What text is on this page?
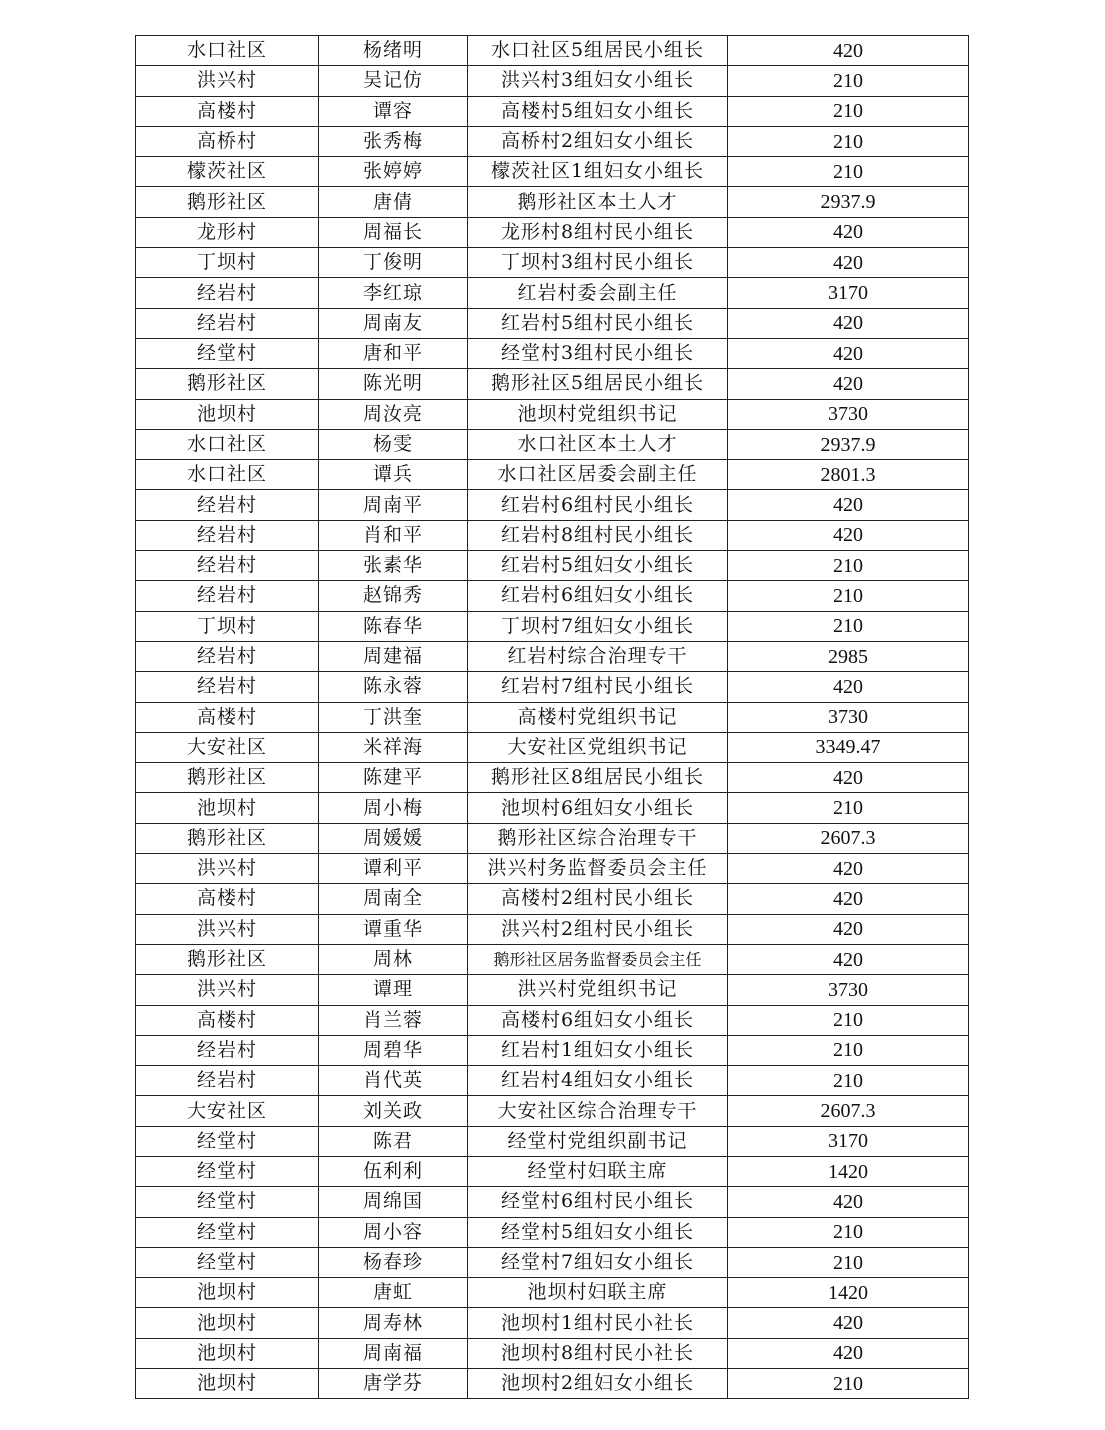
水口社区	杨绪明	水口社区5组居民小组长	420
洪兴村	吴记仿	洪兴村3组妇女小组长	210
高楼村	谭容	高楼村5组妇女小组长	210
高桥村	张秀梅	高桥村2组妇女小组长	210
檬茨社区	张婷婷	檬茨社区1组妇女小组长	210
鹅形社区	唐倩	鹅形社区本土人才	2937.9
龙形村	周福长	龙形村8组村民小组长	420
丁坝村	丁俊明	丁坝村3组村民小组长	420
经岩村	李红琼	红岩村委会副主任	3170
经岩村	周南友	红岩村5组村民小组长	420
经堂村	唐和平	经堂村3组村民小组长	420
鹅形社区	陈光明	鹅形社区5组居民小组长	420
池坝村	周汝亮	池坝村党组织书记	3730
水口社区	杨雯	水口社区本土人才	2937.9
水口社区	谭兵	水口社区居委会副主任	2801.3
经岩村	周南平	红岩村6组村民小组长	420
经岩村	肖和平	红岩村8组村民小组长	420
经岩村	张素华	红岩村5组妇女小组长	210
经岩村	赵锦秀	红岩村6组妇女小组长	210
丁坝村	陈春华	丁坝村7组妇女小组长	210
经岩村	周建福	红岩村综合治理专干	2985
经岩村	陈永蓉	红岩村7组村民小组长	420
高楼村	丁洪奎	高楼村党组织书记	3730
大安社区	米祥海	大安社区党组织书记	3349.47
鹅形社区	陈建平	鹅形社区8组居民小组长	420
池坝村	周小梅	池坝村6组妇女小组长	210
鹅形社区	周媛媛	鹅形社区综合治理专干	2607.3
洪兴村	谭利平	洪兴村务监督委员会主任	420
高楼村	周南全	高楼村2组村民小组长	420
洪兴村	谭重华	洪兴村2组村民小组长	420
鹅形社区	周林	鹅形社区居务监督委员会主任	420
洪兴村	谭理	洪兴村党组织书记	3730
高楼村	肖兰蓉	高楼村6组妇女小组长	210
经岩村	周碧华	红岩村1组妇女小组长	210
经岩村	肖代英	红岩村4组妇女小组长	210
大安社区	刘关政	大安社区综合治理专干	2607.3
经堂村	陈君	经堂村党组织副书记	3170
经堂村	伍利利	经堂村妇联主席	1420
经堂村	周绵国	经堂村6组村民小组长	420
经堂村	周小容	经堂村5组妇女小组长	210
经堂村	杨春珍	经堂村7组妇女小组长	210
池坝村	唐虹	池坝村妇联主席	1420
池坝村	周寿林	池坝村1组村民小社长	420
池坝村	周南福	池坝村8组村民小社长	420
池坝村	唐学芬	池坝村2组妇女小组长	210
